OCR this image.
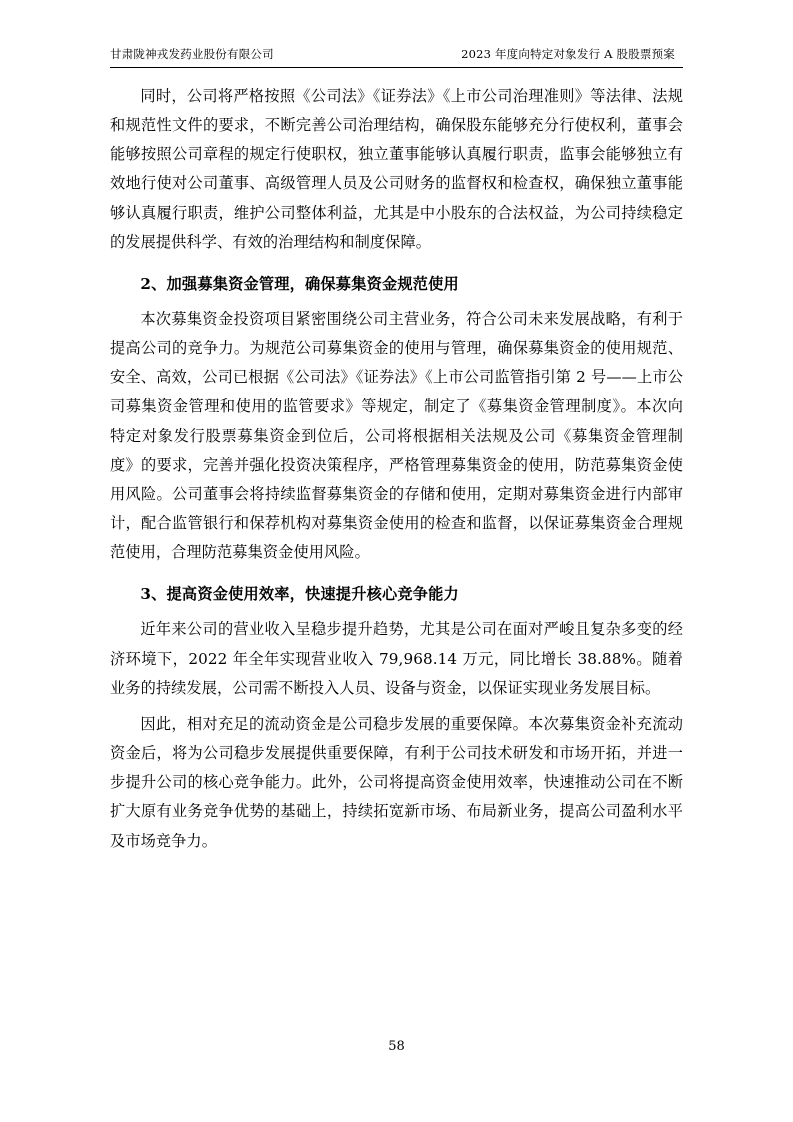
甘肃陇神戎发药业股份有限公司	2023 年度向特定对象发行 A 股股票预案

同时，公司将严格按照《公司法》《证券法》《上市公司治理准则》等法律、法规和规范性文件的要求，不断完善公司治理结构，确保股东能够充分行使权利，董事会能够按照公司章程的规定行使职权，独立董事能够认真履行职责，监事会能够独立有效地行使对公司董事、高级管理人员及公司财务的监督权和检查权，确保独立董事能够认真履行职责，维护公司整体利益，尤其是中小股东的合法权益，为公司持续稳定的发展提供科学、有效的治理结构和制度保障。

2、加强募集资金管理，确保募集资金规范使用

本次募集资金投资项目紧密围绕公司主营业务，符合公司未来发展战略，有利于提高公司的竞争力。为规范公司募集资金的使用与管理，确保募集资金的使用规范、安全、高效，公司已根据《公司法》《证券法》《上市公司监管指引第 2 号——上市公司募集资金管理和使用的监管要求》等规定，制定了《募集资金管理制度》。本次向特定对象发行股票募集资金到位后，公司将根据相关法规及公司《募集资金管理制度》的要求，完善并强化投资决策程序，严格管理募集资金的使用，防范募集资金使用风险。公司董事会将持续监督募集资金的存储和使用，定期对募集资金进行内部审计，配合监管银行和保荐机构对募集资金使用的检查和监督，以保证募集资金合理规范使用，合理防范募集资金使用风险。

3、提高资金使用效率，快速提升核心竞争能力

近年来公司的营业收入呈稳步提升趋势，尤其是公司在面对严峻且复杂多变的经济环境下，2022 年全年实现营业收入 79,968.14 万元，同比增长 38.88%。随着业务的持续发展，公司需不断投入人员、设备与资金，以保证实现业务发展目标。

因此，相对充足的流动资金是公司稳步发展的重要保障。本次募集资金补充流动资金后，将为公司稳步发展提供重要保障，有利于公司技术研发和市场开拓，并进一步提升公司的核心竞争能力。此外，公司将提高资金使用效率，快速推动公司在不断扩大原有业务竞争优势的基础上，持续拓宽新市场、布局新业务，提高公司盈利水平及市场竞争力。

58
